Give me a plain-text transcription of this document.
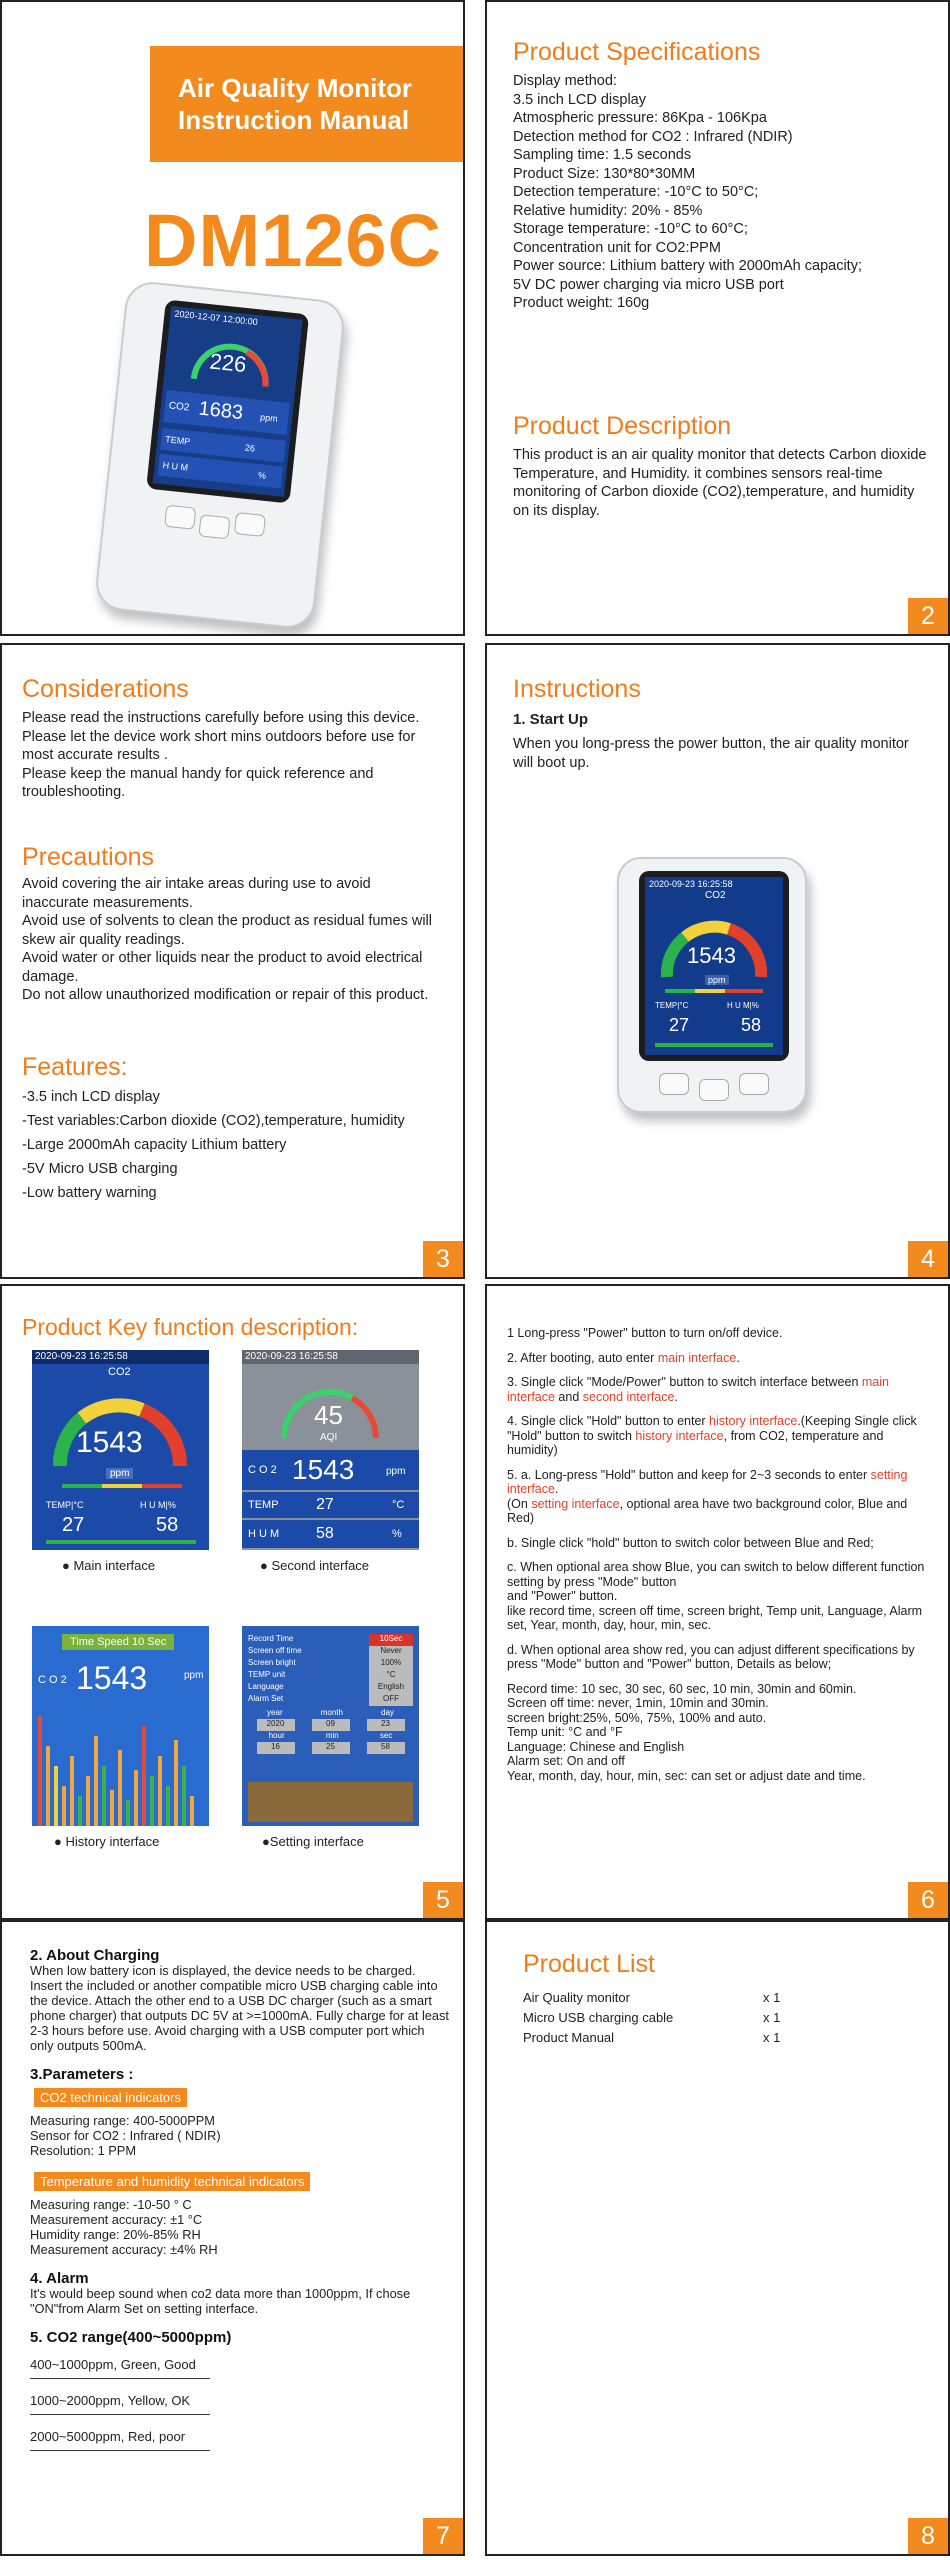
Air Quality Monitor
Instruction Manual
DM126C
2020-12-07 12:00:00
226
CO2 1683 ppm
TEMP
26
H U M
%
Product Specifications
Display method:
3.5 inch LCD display
Atmospheric pressure: 86Kpa - 106Kpa
Detection method for CO2 : Infrared (NDIR)
Sampling time: 1.5 seconds
Product Size: 130*80*30MM
Detection temperature: -10°C to 50°C;
Relative humidity: 20% - 85%
Storage temperature: -10°C to 60°C;
Concentration unit for CO2:PPM
Power source: Lithium battery with 2000mAh capacity;
5V DC power charging via micro USB port
Product weight: 160g
Product Description
This product is an air quality monitor that detects Carbon dioxide Temperature, and Humidity. it combines sensors real-time monitoring of Carbon dioxide (CO2),temperature, and humidity on its display.
2
Considerations
Please read the instructions carefully before using this device.
Please let the device work short mins outdoors before use for most accurate results .
Please keep the manual handy for quick reference and troubleshooting.
Precautions
Avoid covering the air intake areas during use to avoid inaccurate measurements.
Avoid use of solvents to clean the product as residual fumes will skew air quality readings.
Avoid water or other liquids near the product to avoid electrical damage.
Do not allow unauthorized modification or repair of this product.
Features:
-3.5 inch LCD display
-Test variables:Carbon dioxide (CO2),temperature, humidity
-Large 2000mAh capacity Lithium battery
-5V Micro USB charging
-Low battery warning
3
Instructions
1. Start Up
When you long-press the power button, the air quality monitor will boot up.
2020-09-23 16:25:58
CO2
1543
ppm
TEMP|°C	H U M|%
27	58
4
Product Key function description:
2020-09-23 16:25:58
CO2
1543
ppm
TEMP|°C	H U M|%
27	58
● Main interface
2020-09-23 16:25:58
45
AQI
C O 2 1543	ppm
TEMP 27	°C
H U M 58	%
● Second interface
Time Speed 10 Sec
C O 2 1543	ppm
● History interface
Record Time	10Sec
Screen off time	Never
Screen bright	100%
TEMP unit	°C
Language	English
Alarm Set	OFF
year	month	day
2020	09	23
hour	min	sec
16	25	58
●Setting interface
5
1 Long-press "Power" button to turn on/off device.
2. After booting, auto enter main interface.
3. Single click "Mode/Power" button to switch interface between main interface and second interface.
4. Single click "Hold" button to enter history interface.(Keeping Single click "Hold" button to switch history interface, from CO2, temperature and humidity)
5. a. Long-press "Hold" button and keep for 2~3 seconds to enter setting interface.
(On setting interface, optional area have two background color, Blue and Red)
b. Single click "hold" button to switch color between Blue and Red;
c. When optional area show Blue, you can switch to below different function setting by press "Mode" button
and "Power" button.
like record time, screen off time, screen bright, Temp unit, Language, Alarm set, Year, month, day, hour, min, sec.
d. When optional area show red, you can adjust different specifications by press "Mode" button and "Power" button, Details as below;
Record time: 10 sec, 30 sec, 60 sec, 10 min, 30min and 60min.
Screen off time: never, 1min, 10min and 30min.
screen bright:25%, 50%, 75%, 100% and auto.
Temp unit: °C and °F
Language: Chinese and English
Alarm set: On and off
Year, month, day, hour, min, sec: can set or adjust date and time.
6
2. About Charging
When low battery icon is displayed, the device needs to be charged. Insert the included or another compatible micro USB charging cable into the device. Attach the other end to a USB DC charger (such as a smart phone charger) that outputs DC 5V at >=1000mA. Fully charge for at least 2-3 hours before use. Avoid charging with a USB computer port which only outputs 500mA.
3.Parameters :
CO2 technical indicators
Measuring range: 400-5000PPM
Sensor for CO2 : Infrared ( NDIR)
Resolution: 1 PPM
Temperature and humidity technical indicators
Measuring range: -10-50 ° C
Measurement accuracy: ±1 °C
Humidity range: 20%-85% RH
Measurement accuracy: ±4% RH
4. Alarm
It's would beep sound when co2 data more than 1000ppm, If chose "ON"from Alarm Set on setting interface.
5. CO2 range(400~5000ppm)
400~1000ppm, Green, Good
1000~2000ppm, Yellow, OK
2000~5000ppm, Red, poor
7
Product List
Air Quality monitor	x 1
Micro USB charging cable	x 1
Product Manual	x 1
8
